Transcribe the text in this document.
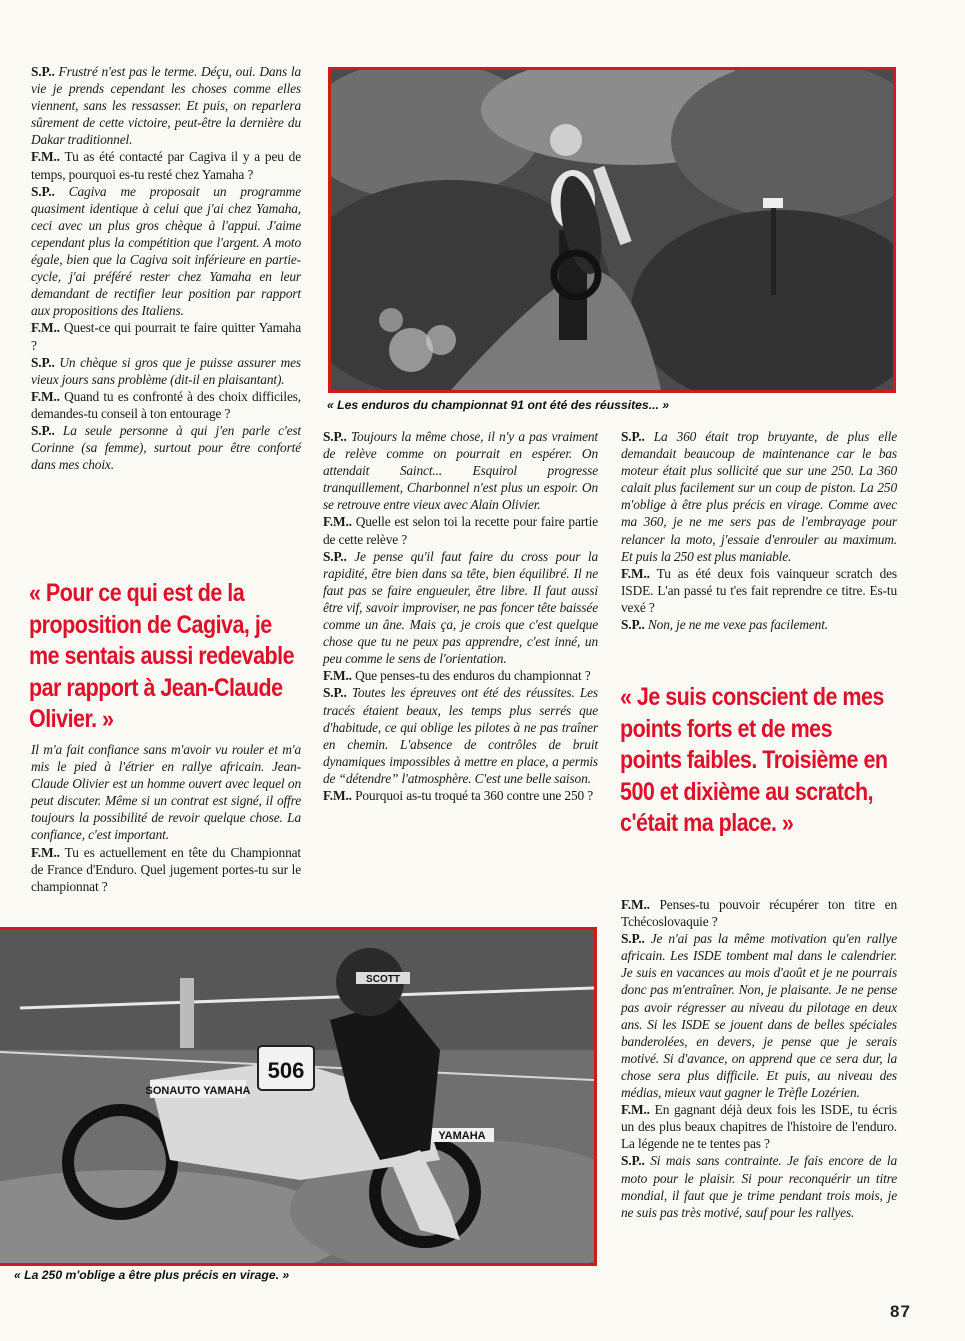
S.P.. Frustré n'est pas le terme. Déçu, oui. Dans la vie je prends cependant les choses comme elles viennent, sans les ressasser. Et puis, on reparlera sûrement de cette victoire, peut-être la dernière du Dakar traditionnel.

F.M.. Tu as été contacté par Cagiva il y a peu de temps, pourquoi es-tu resté chez Yamaha ?

S.P.. Cagiva me proposait un programme quasiment identique à celui que j'ai chez Yamaha, ceci avec un plus gros chèque à l'appui. J'aime cependant plus la compétition que l'argent. A moto égale, bien que la Cagiva soit inférieure en partie-cycle, j'ai préféré rester chez Yamaha en leur demandant de rectifier leur position par rapport aux propositions des Italiens.

F.M.. Quest-ce qui pourrait te faire quitter Yamaha ?

S.P.. Un chèque si gros que je puisse assurer mes vieux jours sans problème (dit-il en plaisantant).

F.M.. Quand tu es confronté à des choix difficiles, demandes-tu conseil à ton entourage ?

S.P.. La seule personne à qui j'en parle c'est Corinne (sa femme), surtout pour être conforté dans mes choix.

« Pour ce qui est de la proposition de Cagiva, je me sentais aussi redevable par rapport à Jean-Claude Olivier. »

Il m'a fait confiance sans m'avoir vu rouler et m'a mis le pied à l'étrier en rallye africain. Jean-Claude Olivier est un homme ouvert avec lequel on peut discuter. Même si un contrat est signé, il offre toujours la possibilité de revoir quelque chose. La confiance, c'est important.

F.M.. Tu es actuellement en tête du Championnat de France d'Enduro. Quel jugement portes-tu sur le championnat ?

S.P.. Toujours la même chose, il n'y a pas vraiment de relève comme on pourrait en espérer. On attendait Sainct... Esquirol progresse tranquillement, Charbonnel n'est plus un espoir. On se retrouve entre vieux avec Alain Olivier.

F.M.. Quelle est selon toi la recette pour faire partie de cette relève ?

S.P.. Je pense qu'il faut faire du cross pour la rapidité, être bien dans sa tête, bien équilibré. Il ne faut pas se faire engueuler, être libre. Il faut aussi être vif, savoir improviser, ne pas foncer tête baissée comme un âne. Mais ça, je crois que c'est quelque chose que tu ne peux pas apprendre, c'est inné, un peu comme le sens de l'orientation.

F.M.. Que penses-tu des enduros du championnat ?

S.P.. Toutes les épreuves ont été des réussites. Les tracés étaient beaux, les temps plus serrés que d'habitude, ce qui oblige les pilotes à ne pas traîner en chemin. L'absence de contrôles de bruit dynamiques impossibles à mettre en place, a permis de “détendre” l'atmosphère. C'est une belle saison.

F.M.. Pourquoi as-tu troqué ta 360 contre une 250 ?

S.P.. La 360 était trop bruyante, de plus elle demandait beaucoup de maintenance car le bas moteur était plus sollicité que sur une 250. La 360 calait plus facilement sur un coup de piston. La 250 m'oblige à être plus précis en virage. Comme avec ma 360, je ne me sers pas de l'embrayage pour relancer la moto, j'essaie d'enrouler au maximum. Et puis la 250 est plus maniable.

F.M.. Tu as été deux fois vainqueur scratch des ISDE. L'an passé tu t'es fait reprendre ce titre. Es-tu vexé ?

S.P.. Non, je ne me vexe pas facilement.

« Je suis conscient de mes points forts et de mes points faibles. Troisième en 500 et dixième au scratch, c'était ma place. »

F.M.. Penses-tu pouvoir récupérer ton titre en Tchécoslovaquie ?

S.P.. Je n'ai pas la même motivation qu'en rallye africain. Les ISDE tombent mal dans le calendrier. Je suis en vacances au mois d'août et je ne pourrais donc pas m'entraîner. Non, je plaisante. Je ne pense pas avoir régresser au niveau du pilotage en deux ans. Si les ISDE se jouent dans de belles spéciales banderolées, en devers, je pense que je serais motivé. Si d'avance, on apprend que ce sera dur, la chose sera plus difficile. Et puis, au niveau des médias, mieux vaut gagner le Trèfle Lozérien.

F.M.. En gagnant déjà deux fois les ISDE, tu écris un des plus beaux chapitres de l'histoire de l'enduro. La légende ne te tentes pas ?

S.P.. Si mais sans contrainte. Je fais encore de la moto pour le plaisir. Si pour reconquérir un titre mondial, il faut que je trime pendant trois mois, je ne suis pas très motivé, sauf pour les rallyes.

« Les enduros du championnat 91 ont été des réussites... »
506
SONAUTO YAMAHA
YAMAHA
SCOTT
« La 250 m'oblige a être plus précis en virage. »
87
